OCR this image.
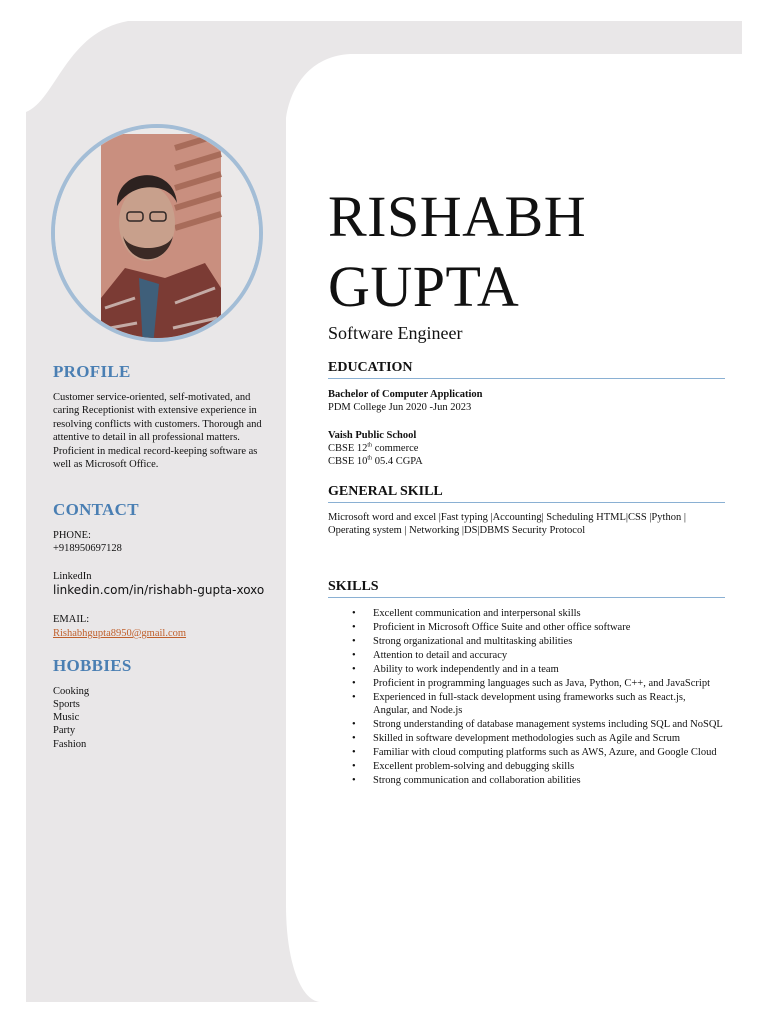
PROFILE
Customer service-oriented, self-motivated, and caring Receptionist with extensive experience in resolving conflicts with customers. Thorough and attentive to detail in all professional matters. Proficient in medical record-keeping software as well as Microsoft Office.
CONTACT
PHONE:
+918950697128
LinkedIn
linkedin.com/in/rishabh-gupta-xoxo
EMAIL:
Rishabhgupta8950@gmail.com
HOBBIES
Cooking
Sports
Music
Party
Fashion
RISHABH
GUPTA
Software Engineer
EDUCATION
Bachelor of Computer Application
PDM College Jun 2020 -Jun 2023
Vaish Public School
CBSE 12th commerce
CBSE 10th 05.4 CGPA
GENERAL SKILL
Microsoft word and excel |Fast typing |Accounting| Scheduling HTML|CSS |Python | Operating system | Networking |DS|DBMS Security Protocol
SKILLS
• Excellent communication and interpersonal skills
• Proficient in Microsoft Office Suite and other office software
• Strong organizational and multitasking abilities
• Attention to detail and accuracy
• Ability to work independently and in a team
• Proficient in programming languages such as Java, Python, C++, and JavaScript
• Experienced in full-stack development using frameworks such as React.js, Angular, and Node.js
• Strong understanding of database management systems including SQL and NoSQL
• Skilled in software development methodologies such as Agile and Scrum
• Familiar with cloud computing platforms such as AWS, Azure, and Google Cloud
• Excellent problem-solving and debugging skills
• Strong communication and collaboration abilities
